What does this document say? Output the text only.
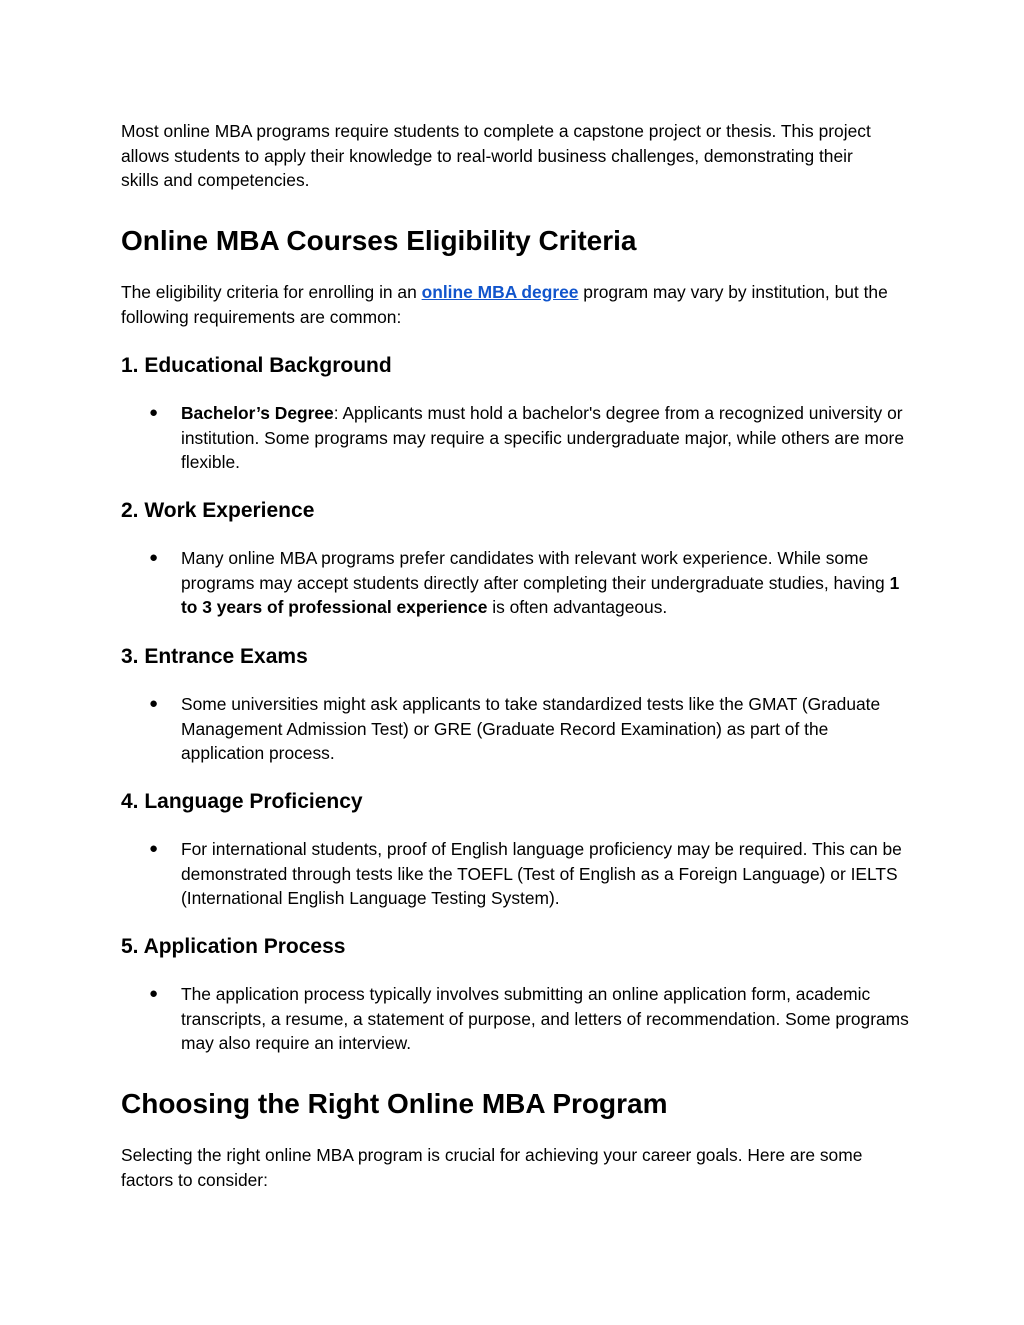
Most online MBA programs require students to complete a capstone project or thesis. This project allows students to apply their knowledge to real-world business challenges, demonstrating their skills and competencies.

Online MBA Courses Eligibility Criteria

The eligibility criteria for enrolling in an online MBA degree program may vary by institution, but the following requirements are common:

1. Educational Background
● Bachelor’s Degree: Applicants must hold a bachelor's degree from a recognized university or institution. Some programs may require a specific undergraduate major, while others are more flexible.
2. Work Experience
● Many online MBA programs prefer candidates with relevant work experience. While some programs may accept students directly after completing their undergraduate studies, having 1 to 3 years of professional experience is often advantageous.
3. Entrance Exams
● Some universities might ask applicants to take standardized tests like the GMAT (Graduate Management Admission Test) or GRE (Graduate Record Examination) as part of the application process.
4. Language Proficiency
● For international students, proof of English language proficiency may be required. This can be demonstrated through tests like the TOEFL (Test of English as a Foreign Language) or IELTS (International English Language Testing System).
5. Application Process
● The application process typically involves submitting an online application form, academic transcripts, a resume, a statement of purpose, and letters of recommendation. Some programs may also require an interview.
Choosing the Right Online MBA Program

Selecting the right online MBA program is crucial for achieving your career goals. Here are some factors to consider:
